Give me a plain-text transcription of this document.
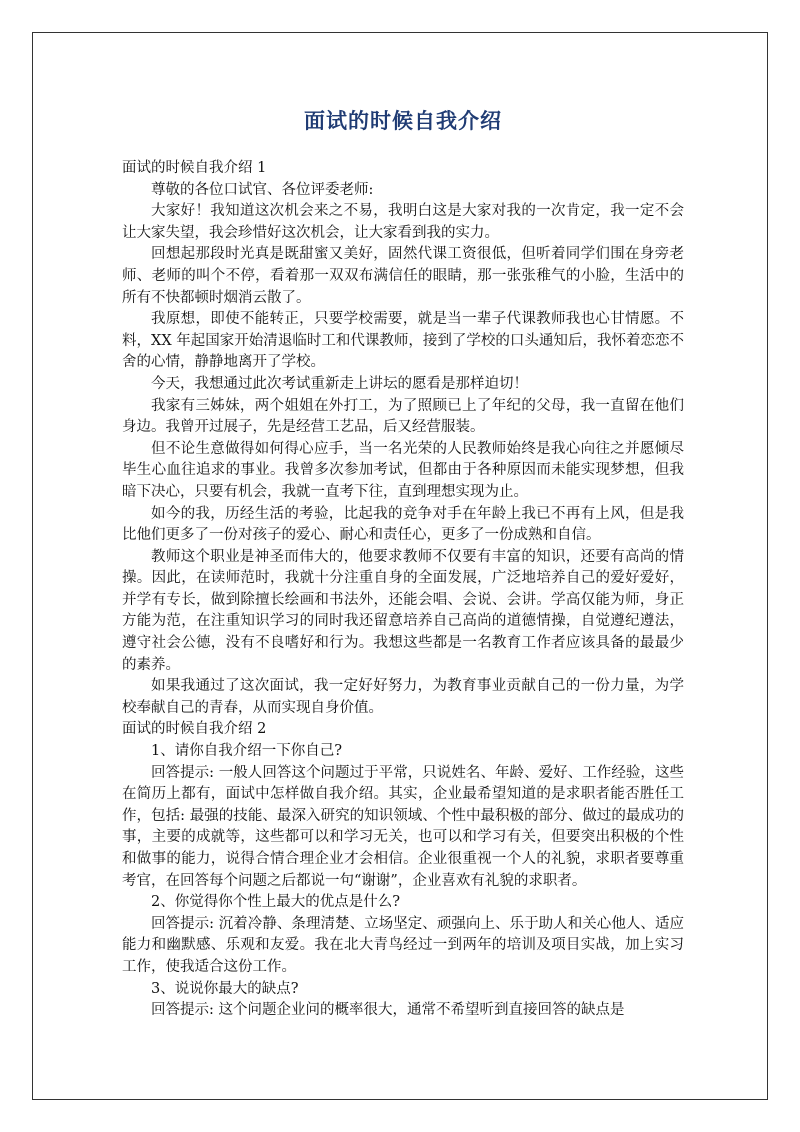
面试的时候自我介绍

面试的时候自我介绍 1

尊敬的各位口试官、各位评委老师:

大家好！我知道这次机会来之不易，我明白这是大家对我的一次肯定，我一定不会让大家失望，我会珍惜好这次机会，让大家看到我的实力。

回想起那段时光真是既甜蜜又美好，固然代课工资很低，但听着同学们围在身旁老师、老师的叫个不停，看着那一双双布满信任的眼睛，那一张张稚气的小脸，生活中的所有不快都顿时烟消云散了。

我原想，即使不能转正，只要学校需要，就是当一辈子代课教师我也心甘情愿。不料，XX 年起国家开始清退临时工和代课教师，接到了学校的口头通知后，我怀着恋恋不舍的心情，静静地离开了学校。

今天，我想通过此次考试重新走上讲坛的愿看是那样迫切！

我家有三姊妹，两个姐姐在外打工，为了照顾已上了年纪的父母，我一直留在他们身边。我曾开过展子，先是经营工艺品，后又经营服装。

但不论生意做得如何得心应手，当一名光荣的人民教师始终是我心向往之并愿倾尽毕生心血往追求的事业。我曾多次参加考试，但都由于各种原因而未能实现梦想，但我暗下决心，只要有机会，我就一直考下往，直到理想实现为止。

如今的我，历经生活的考验，比起我的竞争对手在年龄上我已不再有上风，但是我比他们更多了一份对孩子的爱心、耐心和责任心，更多了一份成熟和自信。

教师这个职业是神圣而伟大的，他要求教师不仅要有丰富的知识，还要有高尚的情操。因此，在读师范时，我就十分注重自身的全面发展，广泛地培养自己的爱好爱好，并学有专长，做到除擅长绘画和书法外，还能会唱、会说、会讲。学高仅能为师，身正方能为范，在注重知识学习的同时我还留意培养自己高尚的道德情操，自觉遵纪遵法，遵守社会公德，没有不良嗜好和行为。我想这些都是一名教育工作者应该具备的最最少的素养。

如果我通过了这次面试，我一定好好努力，为教育事业贡献自己的一份力量，为学校奉献自己的青春，从而实现自身价值。

面试的时候自我介绍 2

1、请你自我介绍一下你自己?

回答提示: 一般人回答这个问题过于平常，只说姓名、年龄、爱好、工作经验，这些在简历上都有，面试中怎样做自我介绍。其实，企业最希望知道的是求职者能否胜任工作，包括: 最强的技能、最深入研究的知识领域、个性中最积极的部分、做过的最成功的事，主要的成就等，这些都可以和学习无关，也可以和学习有关，但要突出积极的个性和做事的能力，说得合情合理企业才会相信。企业很重视一个人的礼貌，求职者要尊重考官，在回答每个问题之后都说一句“谢谢”，企业喜欢有礼貌的求职者。

2、你觉得你个性上最大的优点是什么?

回答提示: 沉着冷静、条理清楚、立场坚定、顽强向上、乐于助人和关心他人、适应能力和幽默感、乐观和友爱。我在北大青鸟经过一到两年的培训及项目实战，加上实习工作，使我适合这份工作。

3、说说你最大的缺点?

回答提示: 这个问题企业问的概率很大，通常不希望听到直接回答的缺点是
